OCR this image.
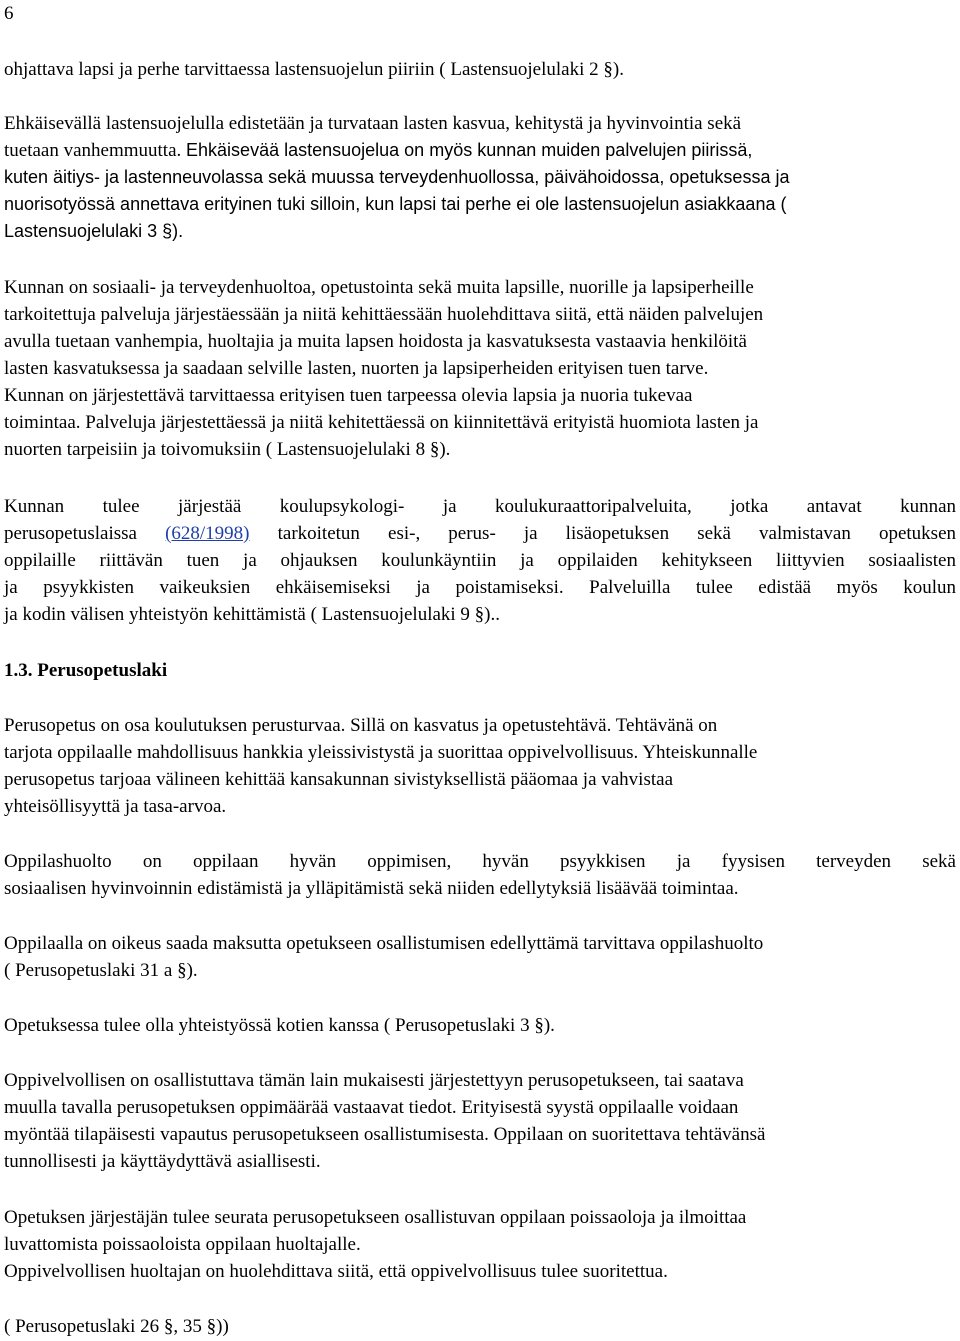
6

ohjattava lapsi ja perhe tarvittaessa lastensuojelun piiriin ( Lastensuojelulaki 2 §).

Ehkäisevällä lastensuojelulla edistetään ja turvataan lasten kasvua, kehitystä ja hyvinvointia sekä

tuetaan vanhemmuutta. Ehkäisevää lastensuojelua on myös kunnan muiden palvelujen piirissä,

kuten äitiys- ja lastenneuvolassa sekä muussa terveydenhuollossa, päivähoidossa, opetuksessa ja

nuorisotyössä annettava erityinen tuki silloin, kun lapsi tai perhe ei ole lastensuojelun asiakkaana (

Lastensuojelulaki 3 §).

Kunnan on sosiaali- ja terveydenhuoltoa, opetustointa sekä muita lapsille, nuorille ja lapsiperheille

tarkoitettuja palveluja järjestäessään ja niitä kehittäessään huolehdittava siitä, että näiden palvelujen

avulla tuetaan vanhempia, huoltajia ja muita lapsen hoidosta ja kasvatuksesta vastaavia henkilöitä

lasten kasvatuksessa ja saadaan selville lasten, nuorten ja lapsiperheiden erityisen tuen tarve.

Kunnan on järjestettävä tarvittaessa erityisen tuen tarpeessa olevia lapsia ja nuoria tukevaa

toimintaa. Palveluja järjestettäessä ja niitä kehitettäessä on kiinnitettävä erityistä huomiota lasten ja

nuorten tarpeisiin ja toivomuksiin ( Lastensuojelulaki 8 §).

Kunnan tulee järjestää koulupsykologi- ja koulukuraattoripalveluita, jotka antavat kunnan

perusopetuslaissa (628/1998) tarkoitetun esi-, perus- ja lisäopetuksen sekä valmistavan opetuksen

oppilaille riittävän tuen ja ohjauksen koulunkäyntiin ja oppilaiden kehitykseen liittyvien sosiaalisten

ja psyykkisten vaikeuksien ehkäisemiseksi ja poistamiseksi. Palveluilla tulee edistää myös koulun

ja kodin välisen yhteistyön kehittämistä ( Lastensuojelulaki 9 §)..

1.3. Perusopetuslaki

Perusopetus on osa koulutuksen perusturvaa. Sillä on kasvatus ja opetustehtävä. Tehtävänä on

tarjota oppilaalle mahdollisuus hankkia yleissivistystä ja suorittaa oppivelvollisuus. Yhteiskunnalle

perusopetus tarjoaa välineen kehittää kansakunnan sivistyksellistä pääomaa ja vahvistaa

yhteisöllisyyttä ja tasa-arvoa.

Oppilashuolto on oppilaan hyvän oppimisen, hyvän psyykkisen ja fyysisen terveyden sekä

sosiaalisen hyvinvoinnin edistämistä ja ylläpitämistä sekä niiden edellytyksiä lisäävää toimintaa.

Oppilaalla on oikeus saada maksutta opetukseen osallistumisen edellyttämä tarvittava oppilashuolto

( Perusopetuslaki 31 a §).

Opetuksessa tulee olla yhteistyössä kotien kanssa ( Perusopetuslaki 3 §).

Oppivelvollisen on osallistuttava tämän lain mukaisesti järjestettyyn perusopetukseen, tai saatava

muulla tavalla perusopetuksen oppimäärää vastaavat tiedot. Erityisestä syystä oppilaalle voidaan

myöntää tilapäisesti vapautus perusopetukseen osallistumisesta. Oppilaan on suoritettava tehtävänsä

tunnollisesti ja käyttäydyttävä asiallisesti.

Opetuksen järjestäjän tulee seurata perusopetukseen osallistuvan oppilaan poissaoloja ja ilmoittaa

luvattomista poissaoloista oppilaan huoltajalle.

Oppivelvollisen huoltajan on huolehdittava siitä, että oppivelvollisuus tulee suoritettua.

( Perusopetuslaki 26 §, 35 §))
